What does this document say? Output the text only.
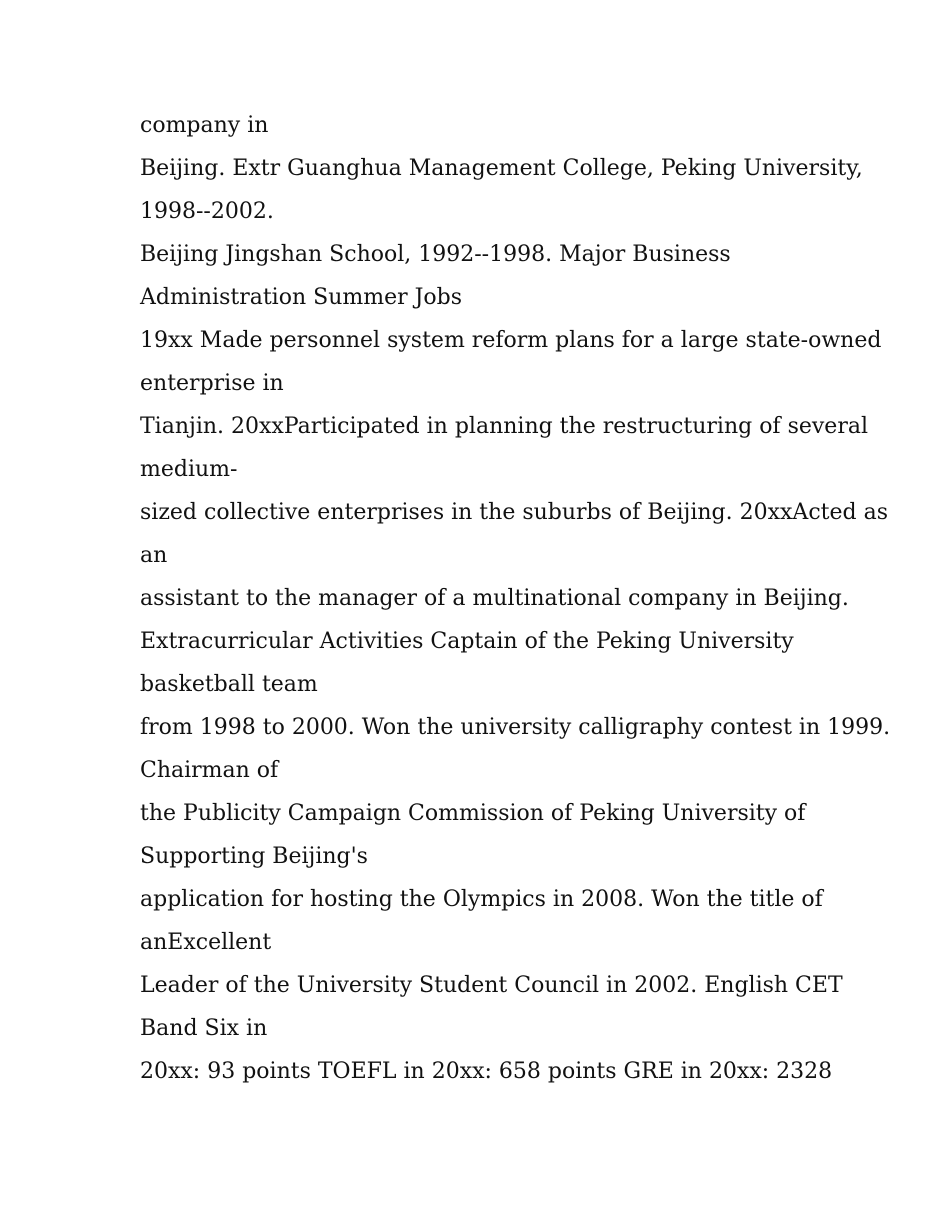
company in
Beijing. Extr Guanghua Management College, Peking University,
1998--2002.
Beijing Jingshan School, 1992--1998. Major Business
Administration Summer Jobs
19xx Made personnel system reform plans for a large state-owned
enterprise in
Tianjin. 20xxParticipated in planning the restructuring of several
medium-
sized collective enterprises in the suburbs of Beijing. 20xxActed as
an
assistant to the manager of a multinational company in Beijing.
Extracurricular Activities Captain of the Peking University
basketball team
from 1998 to 2000. Won the university calligraphy contest in 1999.
Chairman of
the Publicity Campaign Commission of Peking University of
Supporting Beijing's
application for hosting the Olympics in 2008. Won the title of
anExcellent
Leader of the University Student Council in 2002. English CET
Band Six in
20xx: 93 points TOEFL in 20xx: 658 points GRE in 20xx: 2328
